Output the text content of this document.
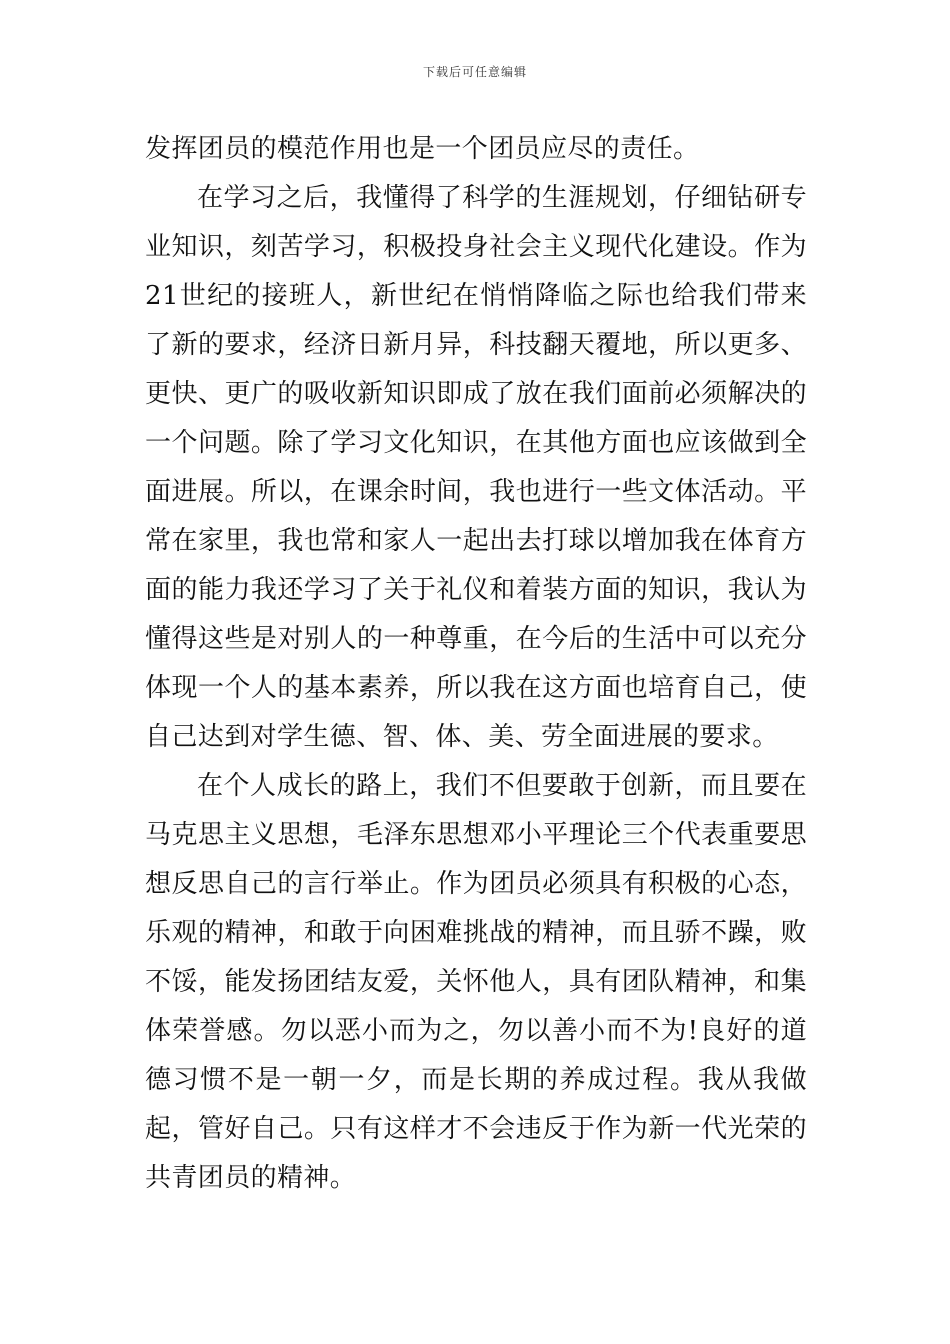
下载后可任意编辑

发挥团员的模范作用也是一个团员应尽的责任。

在学习之后，我懂得了科学的生涯规划，仔细钻研专业知识，刻苦学习，积极投身社会主义现代化建设。作为21世纪的接班人，新世纪在悄悄降临之际也给我们带来了新的要求，经济日新月异，科技翻天覆地，所以更多、更快、更广的吸收新知识即成了放在我们面前必须解决的一个问题。除了学习文化知识，在其他方面也应该做到全面进展。所以，在课余时间，我也进行一些文体活动。平常在家里，我也常和家人一起出去打球以增加我在体育方面的能力我还学习了关于礼仪和着装方面的知识，我认为懂得这些是对别人的一种尊重，在今后的生活中可以充分体现一个人的基本素养，所以我在这方面也培育自己，使自己达到对学生德、智、体、美、劳全面进展的要求。

在个人成长的路上，我们不但要敢于创新，而且要在马克思主义思想，毛泽东思想邓小平理论三个代表重要思想反思自己的言行举止。作为团员必须具有积极的心态，乐观的精神，和敢于向困难挑战的精神，而且骄不躁，败不馁，能发扬团结友爱，关怀他人，具有团队精神，和集体荣誉感。勿以恶小而为之，勿以善小而不为!良好的道德习惯不是一朝一夕，而是长期的养成过程。我从我做起，管好自己。只有这样才不会违反于作为新一代光荣的共青团员的精神。
